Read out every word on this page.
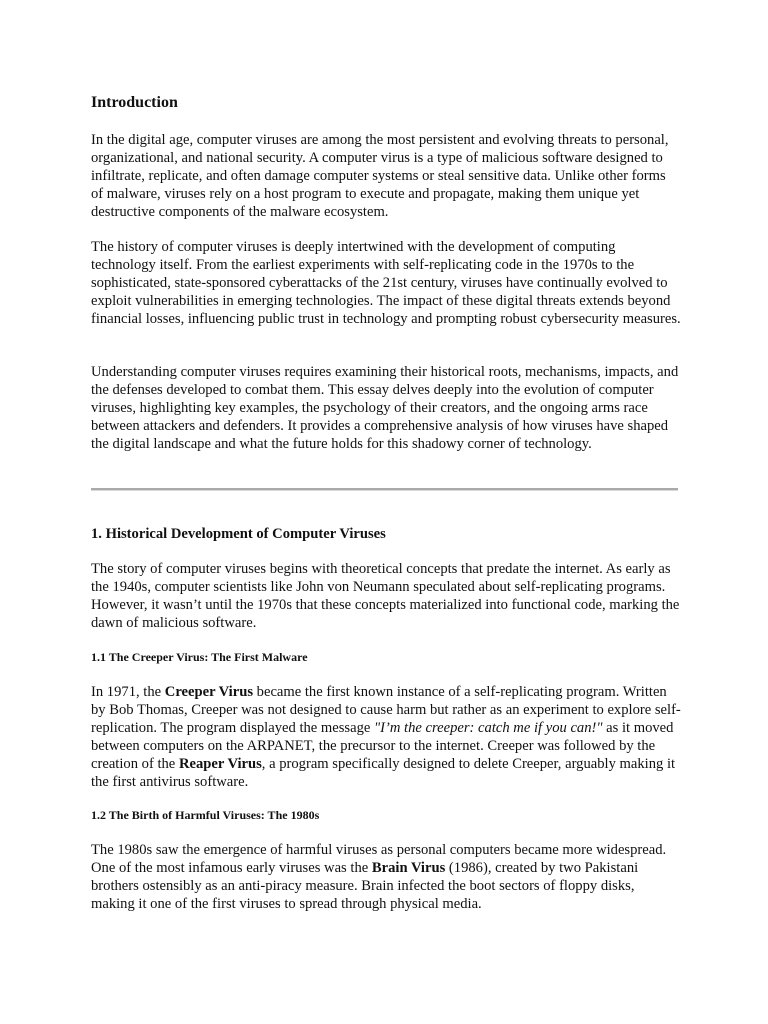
Introduction

In the digital age, computer viruses are among the most persistent and evolving threats to personal, organizational, and national security. A computer virus is a type of malicious software designed to infiltrate, replicate, and often damage computer systems or steal sensitive data. Unlike other forms of malware, viruses rely on a host program to execute and propagate, making them unique yet destructive components of the malware ecosystem.

The history of computer viruses is deeply intertwined with the development of computing technology itself. From the earliest experiments with self-replicating code in the 1970s to the sophisticated, state-sponsored cyberattacks of the 21st century, viruses have continually evolved to exploit vulnerabilities in emerging technologies. The impact of these digital threats extends beyond financial losses, influencing public trust in technology and prompting robust cybersecurity measures.

Understanding computer viruses requires examining their historical roots, mechanisms, impacts, and the defenses developed to combat them. This essay delves deeply into the evolution of computer viruses, highlighting key examples, the psychology of their creators, and the ongoing arms race between attackers and defenders. It provides a comprehensive analysis of how viruses have shaped the digital landscape and what the future holds for this shadowy corner of technology.

1. Historical Development of Computer Viruses

The story of computer viruses begins with theoretical concepts that predate the internet. As early as the 1940s, computer scientists like John von Neumann speculated about self-replicating programs. However, it wasn’t until the 1970s that these concepts materialized into functional code, marking the dawn of malicious software.

1.1 The Creeper Virus: The First Malware

In 1971, the Creeper Virus became the first known instance of a self-replicating program. Written by Bob Thomas, Creeper was not designed to cause harm but rather as an experiment to explore self-replication. The program displayed the message "I’m the creeper: catch me if you can!" as it moved between computers on the ARPANET, the precursor to the internet. Creeper was followed by the creation of the Reaper Virus, a program specifically designed to delete Creeper, arguably making it the first antivirus software.

1.2 The Birth of Harmful Viruses: The 1980s

The 1980s saw the emergence of harmful viruses as personal computers became more widespread. One of the most infamous early viruses was the Brain Virus (1986), created by two Pakistani brothers ostensibly as an anti-piracy measure. Brain infected the boot sectors of floppy disks, making it one of the first viruses to spread through physical media.
